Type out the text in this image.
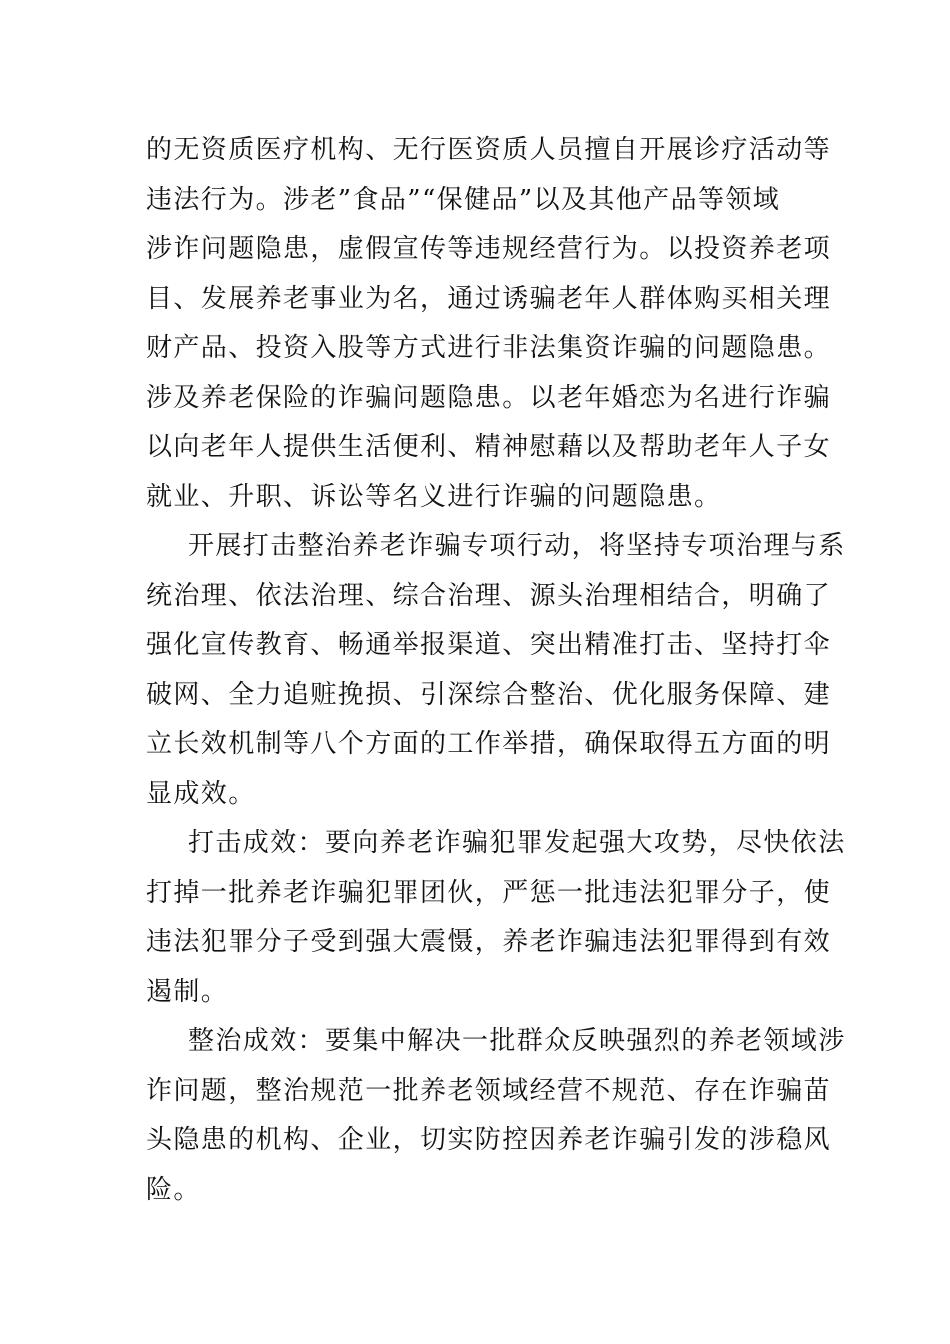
的无资质医疗机构、无行医资质人员擅自开展诊疗活动等
违法行为。涉老”食品”“保健品”以及其他产品等领域
涉诈问题隐患，虚假宣传等违规经营行为。以投资养老项
目、发展养老事业为名，通过诱骗老年人群体购买相关理
财产品、投资入股等方式进行非法集资诈骗的问题隐患。
涉及养老保险的诈骗问题隐患。以老年婚恋为名进行诈骗
以向老年人提供生活便利、精神慰藉以及帮助老年人子女
就业、升职、诉讼等名义进行诈骗的问题隐患。
开展打击整治养老诈骗专项行动，将坚持专项治理与系
统治理、依法治理、综合治理、源头治理相结合，明确了
强化宣传教育、畅通举报渠道、突出精准打击、坚持打伞
破网、全力追赃挽损、引深综合整治、优化服务保障、建
立长效机制等八个方面的工作举措，确保取得五方面的明
显成效。
打击成效：要向养老诈骗犯罪发起强大攻势，尽快依法
打掉一批养老诈骗犯罪团伙，严惩一批违法犯罪分子，使
违法犯罪分子受到强大震慑，养老诈骗违法犯罪得到有效
遏制。
整治成效：要集中解决一批群众反映强烈的养老领域涉
诈问题，整治规范一批养老领域经营不规范、存在诈骗苗
头隐患的机构、企业，切实防控因养老诈骗引发的涉稳风
险。
